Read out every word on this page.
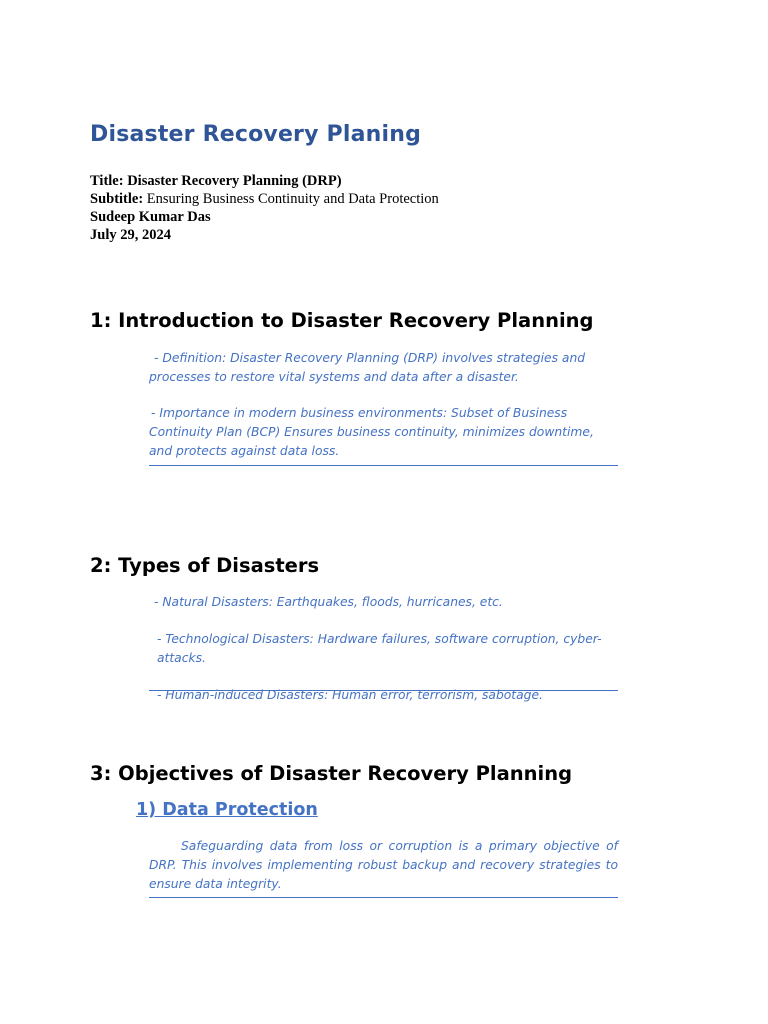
Disaster Recovery Planing
Title: Disaster Recovery Planning (DRP)
Subtitle: Ensuring Business Continuity and Data Protection
Sudeep Kumar Das
July 29, 2024
1: Introduction to Disaster Recovery Planning

- Definition: Disaster Recovery Planning (DRP) involves strategies and processes to restore vital systems and data after a disaster.

- Importance in modern business environments: Subset of Business Continuity Plan (BCP) Ensures business continuity, minimizes downtime, and protects against data loss.

2: Types of Disasters

- Natural Disasters: Earthquakes, floods, hurricanes, etc.

- Technological Disasters: Hardware failures, software corruption, cyber-attacks.

- Human-induced Disasters: Human error, terrorism, sabotage.

3: Objectives of Disaster Recovery Planning
1) Data Protection

Safeguarding data from loss or corruption is a primary objective of DRP. This involves implementing robust backup and recovery strategies to ensure data integrity.
